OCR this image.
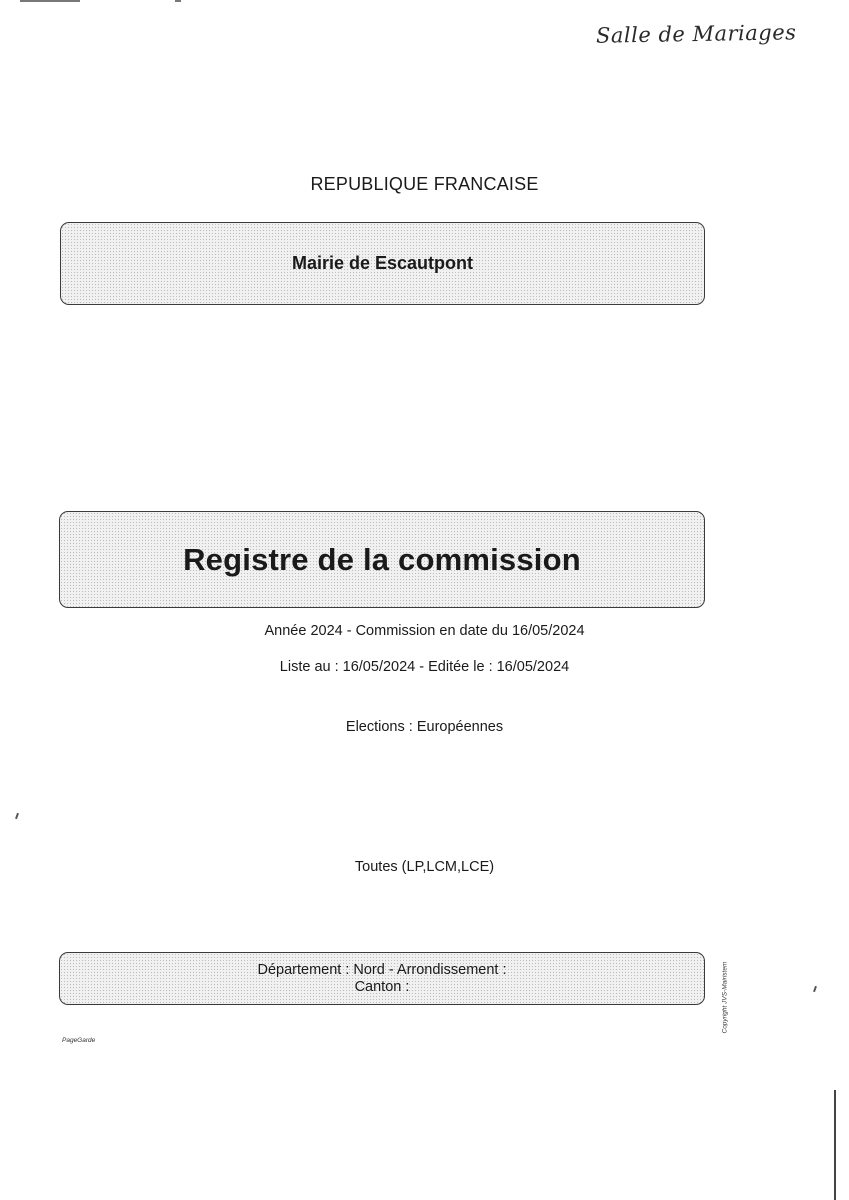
Salle de Mariages
REPUBLIQUE FRANCAISE
Mairie de Escautpont
Registre de la commission
Année 2024 - Commission en date du 16/05/2024
Liste au : 16/05/2024 - Editée le : 16/05/2024
Elections : Européennes
Toutes (LP,LCM,LCE)
Département : Nord - Arrondissement :
Canton :
PageGarde
Copyright JVS-Mairistem
